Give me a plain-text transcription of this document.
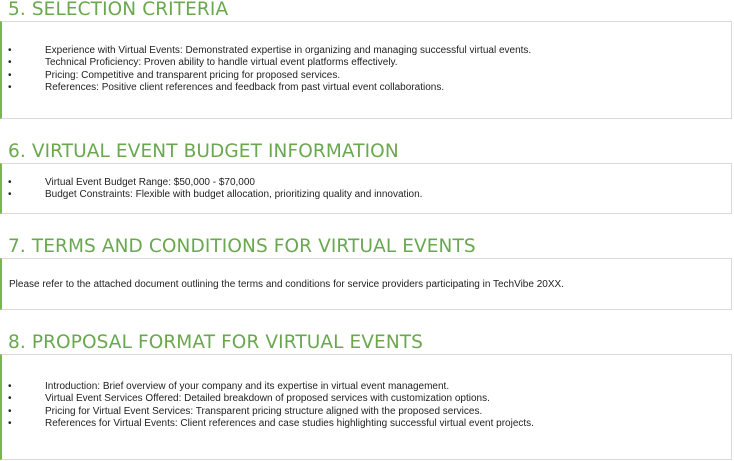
5. SELECTION CRITERIA
•	Experience with Virtual Events: Demonstrated expertise in organizing and managing successful virtual events.
•	Technical Proficiency: Proven ability to handle virtual event platforms effectively.
•	Pricing: Competitive and transparent pricing for proposed services.
•	References: Positive client references and feedback from past virtual event collaborations.
6. VIRTUAL EVENT BUDGET INFORMATION
•	Virtual Event Budget Range: $50,000 - $70,000
•	Budget Constraints: Flexible with budget allocation, prioritizing quality and innovation.
7. TERMS AND CONDITIONS FOR VIRTUAL EVENTS

Please refer to the attached document outlining the terms and conditions for service providers participating in TechVibe 20XX.

8. PROPOSAL FORMAT FOR VIRTUAL EVENTS
•	Introduction: Brief overview of your company and its expertise in virtual event management.
•	Virtual Event Services Offered: Detailed breakdown of proposed services with customization options.
•	Pricing for Virtual Event Services: Transparent pricing structure aligned with the proposed services.
•	References for Virtual Events: Client references and case studies highlighting successful virtual event projects.
